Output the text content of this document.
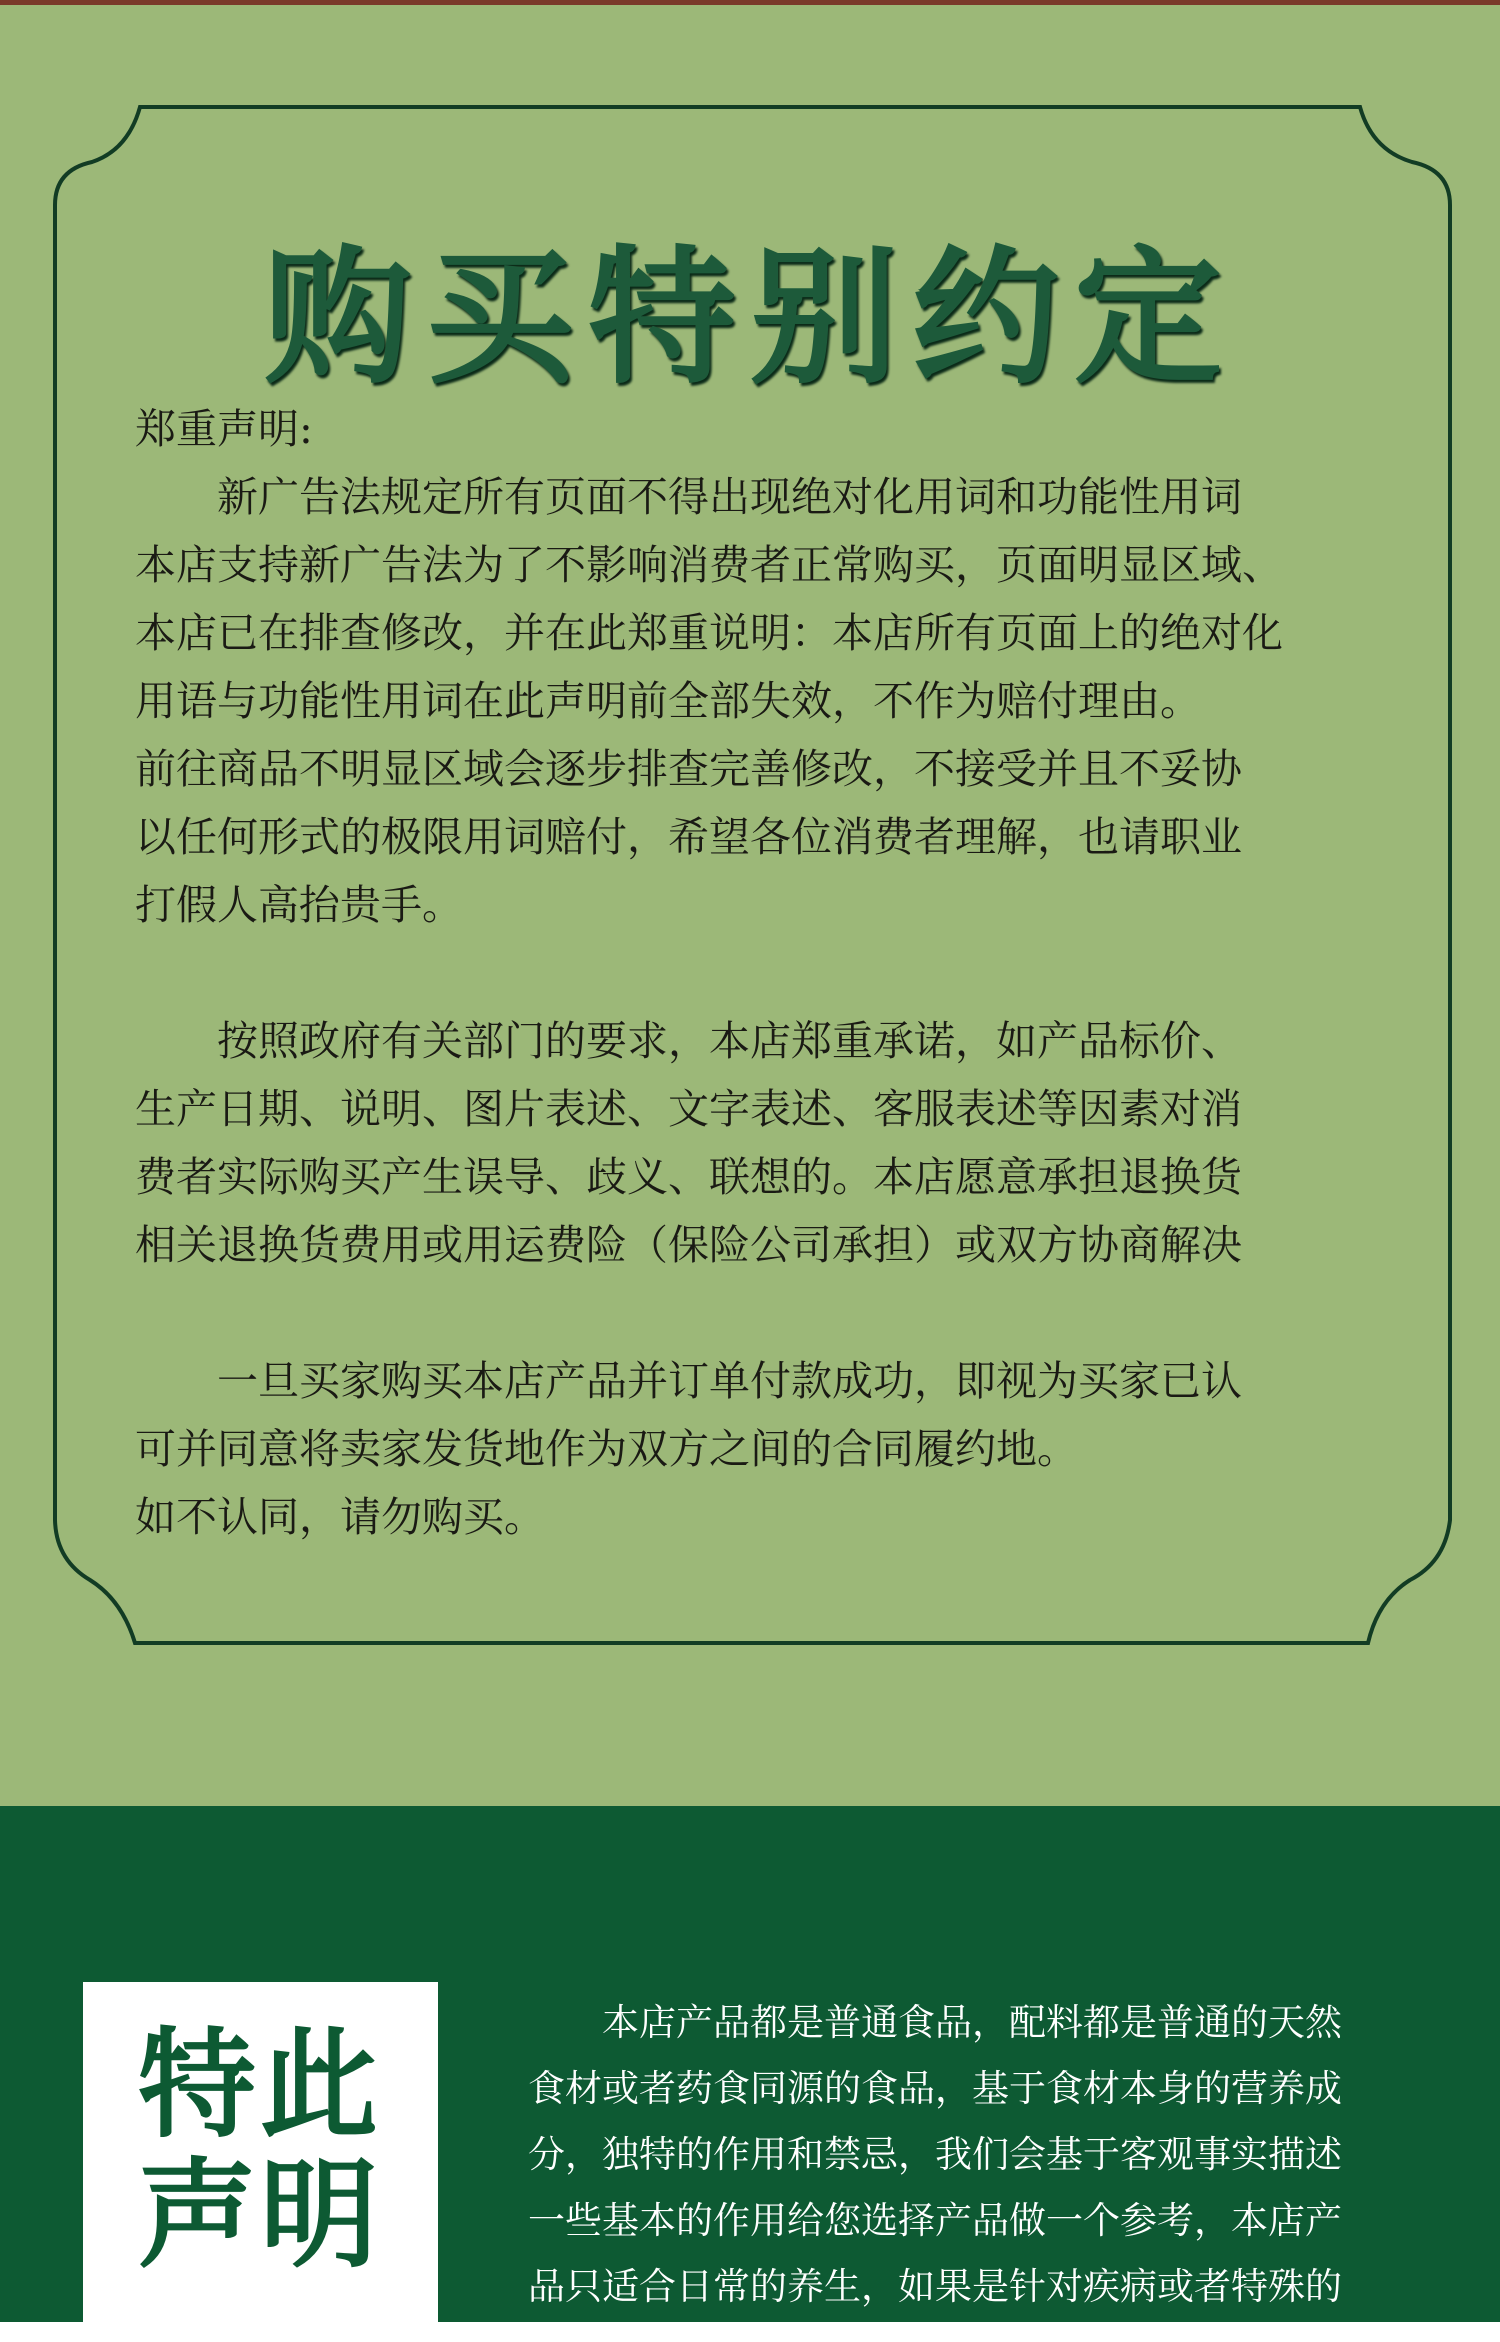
购买特别约定

郑重声明:

　　新广告法规定所有页面不得出现绝对化用词和功能性用词

本店支持新广告法为了不影响消费者正常购买，页面明显区域、

本店已在排查修改，并在此郑重说明：本店所有页面上的绝对化

用语与功能性用词在此声明前全部失效，不作为赔付理由。

前往商品不明显区域会逐步排查完善修改，不接受并且不妥协

以任何形式的极限用词赔付，希望各位消费者理解，也请职业

打假人高抬贵手。

　　按照政府有关部门的要求，本店郑重承诺，如产品标价、

生产日期、说明、图片表述、文字表述、客服表述等因素对消

费者实际购买产生误导、歧义、联想的。本店愿意承担退换货

相关退换货费用或用运费险（保险公司承担）或双方协商解决

　　一旦买家购买本店产品并订单付款成功，即视为买家已认

可并同意将卖家发货地作为双方之间的合同履约地。

如不认同，请勿购买。

特此
声明

　　本店产品都是普通食品，配料都是普通的天然

食材或者药食同源的食品，基于食材本身的营养成

分，独特的作用和禁忌，我们会基于客观事实描述

一些基本的作用给您选择产品做一个参考，本店产

品只适合日常的养生，如果是针对疾病或者特殊的
